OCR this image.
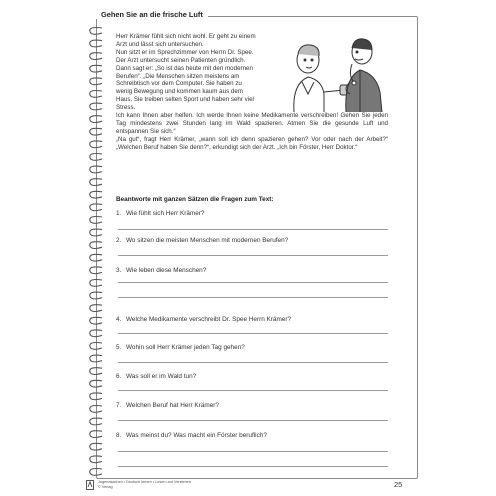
Gehen Sie an die frische Luft
Herr Krämer fühlt sich nicht wohl. Er geht zu einem
Arzt und lässt sich untersuchen.
Nun sitzt er im Sprechzimmer von Herrn Dr. Spee.
Der Arzt untersucht seinen Patienten gründlich.
Dann sagt er: „So ist das heute mit den modernen
Berufen“. „Die Menschen sitzen meistens am
Schreibtisch vor dem Computer. Sie haben zu
wenig Bewegung und kommen kaum aus dem
Haus. Sie treiben selten Sport und haben sehr viel
Stress.

Ich kann Ihnen aber helfen. Ich werde Ihnen keine Medikamente verschreiben! Gehen Sie jeden Tag mindestens zwei Stunden lang im Wald spazieren. Atmen Sie die gesunde Luft und entspannen Sie sich.“

„Na gut“, fragt Herr Krämer, „wann soll ich denn spazieren gehen? Vor oder nach der Arbeit?“ „Welchen Beruf haben Sie denn?“, erkundigt sich der Arzt. „Ich bin Förster, Herr Doktor.“

Beantworte mit ganzen Sätzen die Fragen zum Text:
1. Wie fühlt sich Herr Krämer?
2. Wo sitzen die meisten Menschen mit modernen Berufen?
3. Wie leben diese Menschen?
4. Welche Medikamente verschreibt Dr. Spee Herrn Krämer?
5. Wohin soll Herr Krämer jeden Tag gehen?
6. Was soll er im Wald tun?
7. Welchen Beruf hat Herr Krämer?
8. Was meinst du? Was macht ein Förster beruflich?
Jugendsachen • Deutsch lernen • Lesen und Verstehen
© Verlag	25
